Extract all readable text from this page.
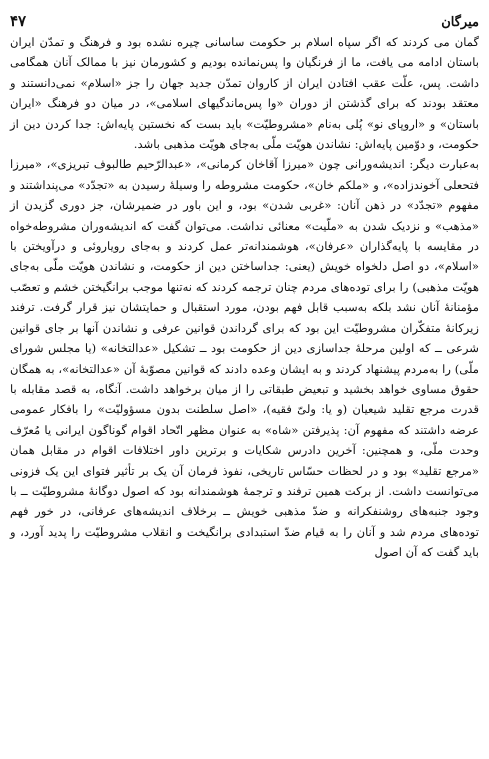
میرگان
۴۷

گمان می کردند که اگر سپاه اسلام بر حکومت ساسانی چیره نشده بود و فرهنگ و تمدّن ایران باستان ادامه می یافت، ما از فرنگیان وا پس‌نمانده بودیم و کشورمان نیز با ممالک آنان همگامی داشت. پس، علّت عقب افتادن ایران از کاروان تمدّن جدید جهان را جز «اسلام» نمی‌دانستند و معتقد بودند که برای گذشتن از دوران «وا پس‌ماندگیهای اسلامی»، در میان دو فرهنگ «ایران باستان» و «اروپای نو» پُلی به‌نام «مشروطیّت» باید بست که نخستین پایه‌اش: جدا کردن دین از حکومت، و دوّمین پایه‌اش: نشاندن هویّت ملّی به‌جای هویّت مذهبی باشد.

به‌عبارت دیگر: اندیشه‌ورانی چون «میرزا آقاخان کرمانی»، «عبدالرّحیم طالبوف تبریزی»، «میرزا فتحعلی آخوندزاده»، و «ملکم خان»، حکومت مشروطه را وسیلهٔ رسیدن به «تجدّد» می‌پنداشتند و مفهوم «تجدّد» در ذهن آنان: «غربی شدن» بود، و این باور در ضمیرشان، جز دوری گزیدن از «مذهب» و نزدیک شدن به «ملّیت» معنائی نداشت. می‌توان گفت که اندیشه‌وران مشروطه‌خواه در مقایسه با پایه‌گذاران «عرفان»، هوشمندانه‌تر عمل کردند و به‌جای رویاروئی و درآویختن با «اسلام»، دو اصل دلخواه خویش (یعنی: جداساختن دین از حکومت، و نشاندن هویّت ملّی به‌جای هویّت مذهبی) را برای توده‌های مردم چنان ترجمه کردند که نه‌تنها موجب برانگیختن خشم و تعصّب مؤمنانهٔ آنان نشد بلکه به‌سبب قابل فهم بودن، مورد استقبال و حمایتشان نیز قرار گرفت. ترفند زیرکانهٔ متفکّران مشروطیّت این بود که برای گرداندن قوانین عرفی و نشاندن آنها بر جای قوانین شرعی ــ که اولین مرحلهٔ جداسازی دین از حکومت بود ــ تشکیل «عدالتخانه» (یا مجلس شورای ملّی) را به‌مردم پیشنهاد کردند و به ایشان وعده دادند که قوانین مصوّبهٔ آن «عدالتخانه»، به همگان حقوق مساوی خواهد بخشید و تبعیض طبقاتی را از میان برخواهد داشت. آنگاه، به قصد مقابله با قدرت مرجع تقلید شیعیان (و یا: ولیّ فقیه)، «اصل سلطنت بدون مسؤولیّت» را بافکار عمومی عرضه داشتند که مفهوم آن: پذیرفتن «شاه» به عنوان مظهر اتّحاد اقوام گوناگون ایرانی یا مُعرّف وحدت ملّی، و همچنین: آخرین دادرس شکایات و برترین داور اختلافات اقوام در مقابل همان «مرجع تقلید» بود و در لحظات حسّاس تاریخی، نفوذ فرمان آن یک بر تأثیر فتوای این یک فزونی می‌توانست داشت. از برکت همین ترفند و ترجمهٔ هوشمندانه بود که اصول دوگانهٔ مشروطیّت ــ با وجود جنبه‌های روشنفکرانه و ضدّ مذهبی خویش ــ برخلاف اندیشه‌های عرفانی، در خور فهم توده‌های مردم شد و آنان را به قیام ضدّ استبدادی برانگیخت و انقلاب مشروطیّت را پدید آورد، و باید گفت که آن اصول
